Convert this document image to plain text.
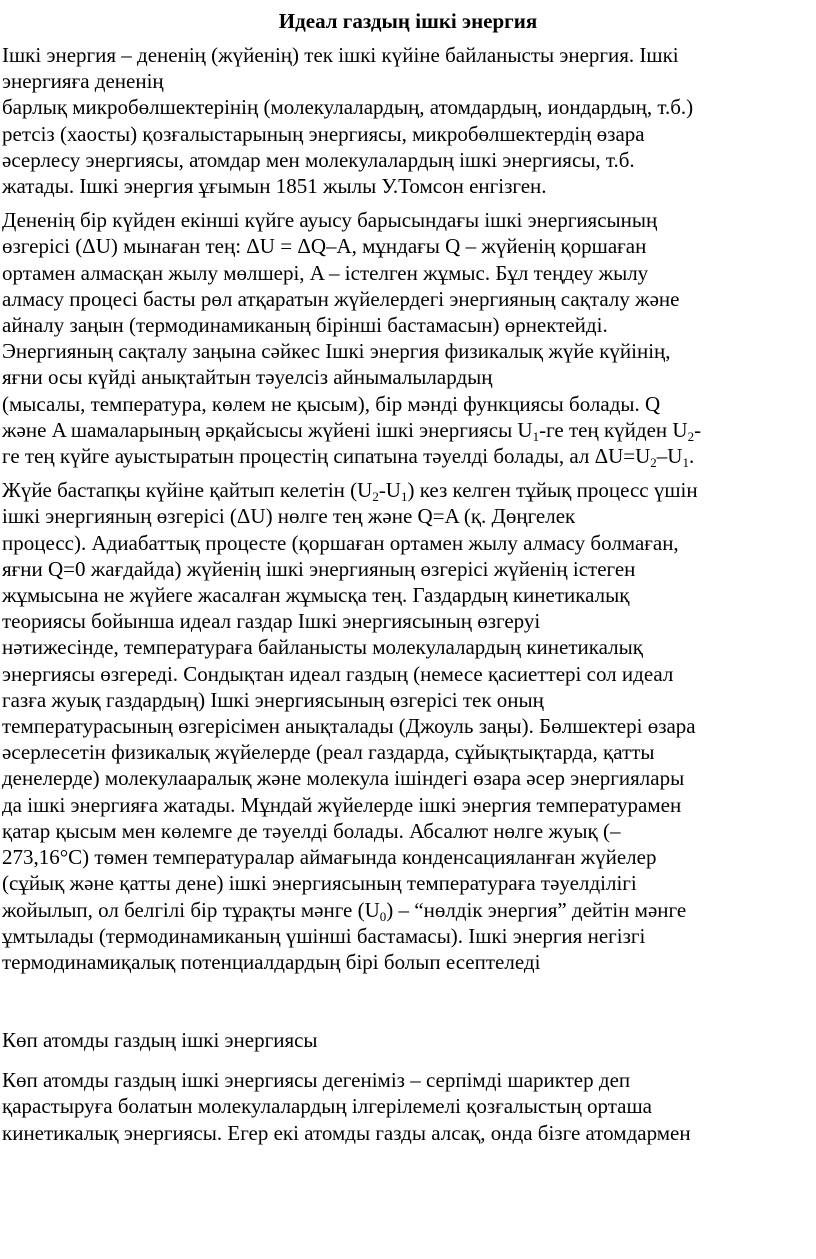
Идеал газдың ішкі энергия

Ішкі энергия – дененің (жүйенің) тек ішкі күйіне байланысты энергия. Ішкі
энергияға дененің
барлық микробөлшектерінің (молекулалардың, атомдардың, иондардың, т.б.)
ретсіз (хаосты) қозғалыстарының энергиясы, микробөлшектердің өзара
әсерлесу энергиясы, атомдар мен молекулалардың ішкі энергиясы, т.б.
жатады. Ішкі энергия ұғымын 1851 жылы У.Томсон енгізген.

Дененің бір күйден екінші күйге ауысу барысындағы ішкі энергиясының
өзгерісі (ΔU) мынаған тең: ΔU = ΔQ–A, мұндағы Q – жүйенің қоршаған
ортамен алмасқан жылу мөлшері, A – істелген жұмыс. Бұл теңдеу жылу
алмасу процесі басты рөл атқаратын жүйелердегі энергияның сақталу және
айналу заңын (термодинамиканың бірінші бастамасын) өрнектейді.
Энергияның сақталу заңына сәйкес Ішкі энергия физикалық жүйе күйінің,
яғни осы күйді анықтайтын тәуелсіз айнымалылардың
(мысалы, температура, көлем не қысым), бір мәнді функциясы болады. Q
және A шамаларының әрқайсысы жүйені ішкі энергиясы $U_1-ге$ тең күйден $U_2-$
ге тең күйге ауыстыратын процестің сипатына тәуелді болады, ал $\Delta U=U_2-U_1$.

Жүйе бастапқы күйіне қайтып келетін $(U_2-U_1)$ кез келген тұйық процесс үшін
ішкі энергияның өзгерісі (ΔU) нөлге тең және Q=A (қ. Дөңгелек
процесс). Адиабаттық процесте (қоршаған ортамен жылу алмасу болмаған,
яғни Q=0 жағдайда) жүйенің ішкі энергияның өзгерісі жүйенің істеген
жұмысына не жүйеге жасалған жұмысқа тең. Газдардың кинетикалық
теориясы бойынша идеал газдар Ішкі энергиясының өзгеруі
нәтижесінде, температураға байланысты молекулалардың кинетикалық
энергиясы өзгереді. Сондықтан идеал газдың (немесе қасиеттері сол идеал
газға жуық газдардың) Ішкі энергиясының өзгерісі тек оның
температурасының өзгерісімен анықталады (Джоуль заңы). Бөлшектері өзара
әсерлесетін физикалық жүйелерде (реал газдарда, сұйықтықтарда, қатты
денелерде) молекулааралық және молекула ішіндегі өзара әсер энергиялары
да ішкі энергияға жатады. Мұндай жүйелерде ішкі энергия температурамен
қатар қысым мен көлемге де тәуелді болады. Абсалют нөлге жуық (–
273,16°C) төмен температуралар аймағында конденсацияланған жүйелер
(сұйық және қатты дене) ішкі энергиясының температураға тәуелділігі
жойылып, ол белгілі бір тұрақты мәнге $(U_0)$ – “нөлдік энергия” дейтін мәнге
ұмтылады (термодинамиканың үшінші бастамасы). Ішкі энергия негізгі
термодинамиқалық потенциалдардың бірі болып есептеледі

Көп атомды газдың ішкі энергиясы

Көп атомды газдың ішкі энергиясы дегеніміз – серпімді шариктер деп
қарастыруға болатын молекулалардың ілгерілемелі қозғалыстың орташа
кинетикалық энергиясы. Егер екі атомды газды алсақ, онда бізге атомдармен
